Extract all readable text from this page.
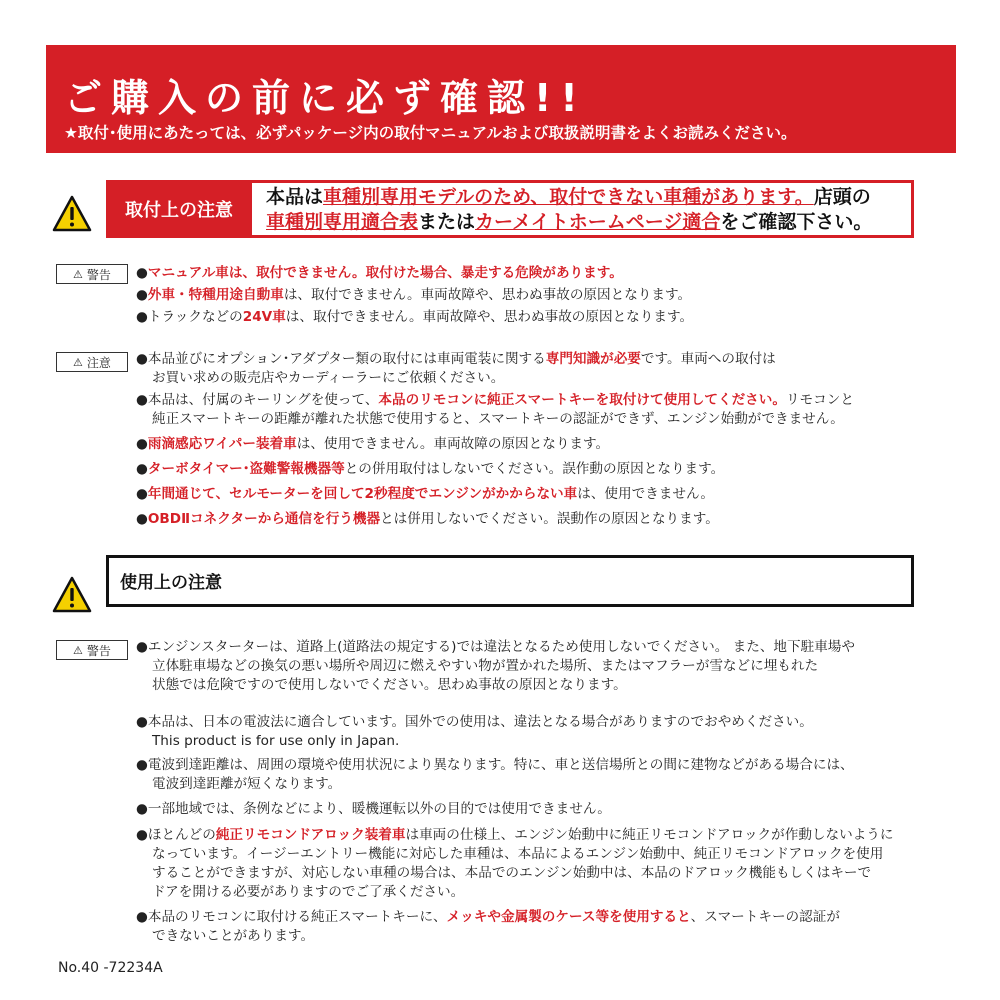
ご購入の前に必ず確認!!
★取付･使用にあたっては、必ずパッケージ内の取付マニュアルおよび取扱説明書をよくお読みください。
取付上の注意
本品は車種別専用モデルのため、取付できない車種があります。店頭の
車種別専用適合表またはカーメイトホームページ適合をご確認下さい。
⚠ 警告 ●マニュアル車は、取付できません。取付けた場合、暴走する危険があります。
●外車・特種用途自動車は、取付できません。車両故障や、思わぬ事故の原因となります。
●トラックなどの24V車は、取付できません。車両故障や、思わぬ事故の原因となります。
⚠ 注意 ●本品並びにオプション･アダプター類の取付には車両電装に関する専門知識が必要です。車両への取付は
お買い求めの販売店やカーディーラーにご依頼ください。
●本品は、付属のキーリングを使って、本品のリモコンに純正スマートキーを取付けて使用してください。リモコンと
純正スマートキーの距離が離れた状態で使用すると、スマートキーの認証ができず、エンジン始動ができません。
●雨滴感応ワイパー装着車は、使用できません。車両故障の原因となります。
●ターボタイマー･盗難警報機器等との併用取付はしないでください。誤作動の原因となります。
●年間通じて、セルモーターを回して2秒程度でエンジンがかからない車は、使用できません。
●OBDⅡコネクターから通信を行う機器とは併用しないでください。誤動作の原因となります。
使用上の注意
⚠ 警告 ●エンジンスターターは、道路上(道路法の規定する)では違法となるため使用しないでください。 また、地下駐車場や
立体駐車場などの換気の悪い場所や周辺に燃えやすい物が置かれた場所、またはマフラーが雪などに埋もれた
状態では危険ですので使用しないでください。思わぬ事故の原因となります。
●本品は、日本の電波法に適合しています。国外での使用は、違法となる場合がありますのでおやめください。
This product is for use only in Japan.
●電波到達距離は、周囲の環境や使用状況により異なります。特に、車と送信場所との間に建物などがある場合には、
電波到達距離が短くなります。
●一部地域では、条例などにより、暖機運転以外の目的では使用できません。
●ほとんどの純正リモコンドアロック装着車は車両の仕様上、エンジン始動中に純正リモコンドアロックが作動しないように
なっています。イージーエントリー機能に対応した車種は、本品によるエンジン始動中、純正リモコンドアロックを使用
することができますが、対応しない車種の場合は、本品でのエンジン始動中は、本品のドアロック機能もしくはキーで
ドアを開ける必要がありますのでご了承ください。
●本品のリモコンに取付ける純正スマートキーに、メッキや金属製のケース等を使用すると、スマートキーの認証が
できないことがあります。
No.40 -72234A
